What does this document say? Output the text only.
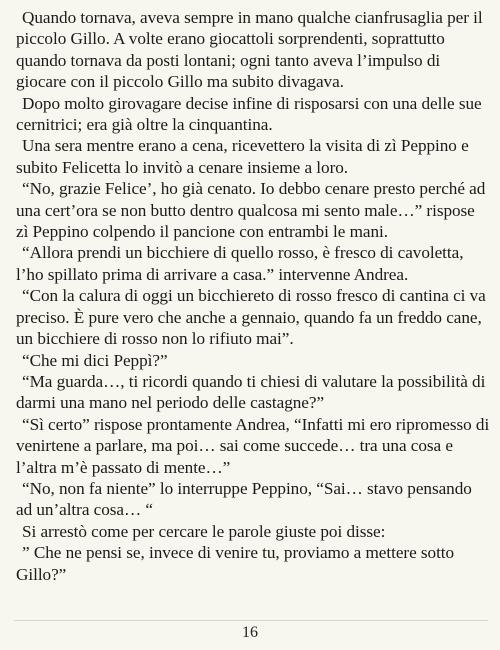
Quando tornava, aveva sempre in mano qualche cianfrusaglia per il piccolo Gillo. A volte erano giocattoli sorprendenti, soprattutto quando tornava da posti lontani; ogni tanto aveva l’impulso di giocare con il piccolo Gillo ma subito divagava.

Dopo molto girovagare decise infine di risposarsi con una delle sue cernitrici; era già oltre la cinquantina.

Una sera mentre erano a cena, ricevettero la visita di zì Peppino e subito Felicetta lo invitò a cenare insieme a loro.

“No, grazie Felice’, ho già cenato. Io debbo cenare presto perché ad una cert’ora se non butto dentro qualcosa mi sento male…” rispose zì Peppino colpendo il pancione con entrambi le mani.

“Allora prendi un bicchiere di quello rosso, è fresco di cavoletta, l’ho spillato prima di arrivare a casa.” intervenne Andrea.

“Con la calura di oggi un bicchiereto di rosso fresco di cantina ci va preciso. È pure vero che anche a gennaio, quando fa un freddo cane, un bicchiere di rosso non lo rifiuto mai”.

“Che mi dici Peppì?”

“Ma guarda…, ti ricordi quando ti chiesi di valutare la possibilità di darmi una mano nel periodo delle castagne?”

“Sì certo” rispose prontamente Andrea, “Infatti mi ero ripromesso di venirtene a parlare, ma poi… sai come succede… tra una cosa e l’altra m’è passato di mente…”

“No, non fa niente” lo interruppe Peppino, “Sai… stavo pensando ad un’altra cosa… “

Si arrestò come per cercare le parole giuste poi disse:

” Che ne pensi se, invece di venire tu, proviamo a mettere sotto Gillo?”

16
